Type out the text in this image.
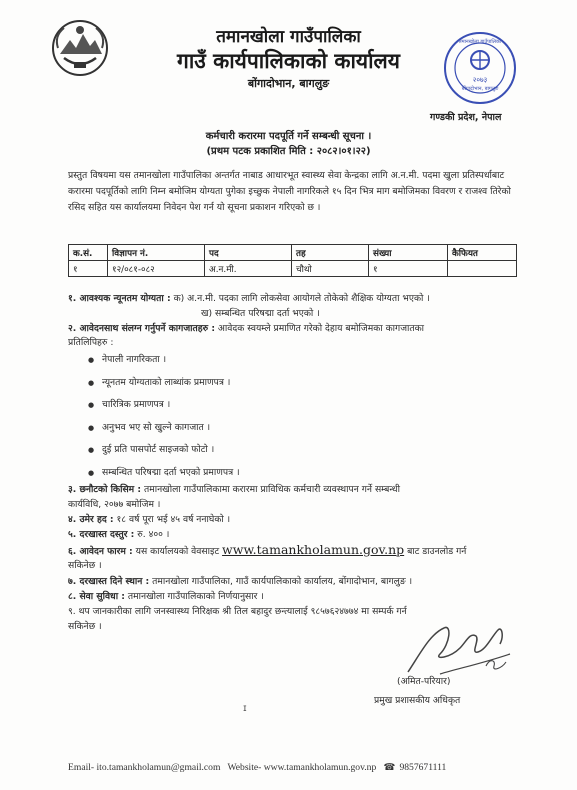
तमानखोला गाउँपालिका
गाउँ कार्यपालिकाको कार्यालय
बोंगादोभान, बागलुङ	२०७३
बोंगादोभान, बागलुङ
तमानखोला गाउँपालिका
गण्डकी प्रदेश, नेपाल
कर्मचारी करारमा पदपूर्ति गर्ने सम्बन्धी सूचना ।
(प्रथम पटक प्रकाशित मिति : २०८२।०१।२२)
प्रस्तुत विषयमा यस तमानखोला गाउँपालिका अन्तर्गत नाबाड आधारभूत स्वास्थ्य सेवा केन्द्रका लागि अ.न.मी. पदमा खुला प्रतिस्पर्धाबाट करारमा पदपूर्तिको लागि निम्न बमोजिम योग्यता पुगेका इच्छुक नेपाली नागरिकले १५ दिन भित्र माग बमोजिमका विवरण र राजश्व तिरेको रसिद सहित यस कार्यालयमा निवेदन पेश गर्न यो सूचना प्रकाशन गरिएको छ ।
क.सं.	विज्ञापन नं.	पद	तह	संख्या	कैफियत
१	१२/०८१-०८२	अ.न.मी.	चौथो	१	
१. आवश्यक न्यूनतम योग्यता : क) अ.न.मी. पदका लागि लोकसेवा आयोगले तोकेको शैक्षिक योग्यता भएको ।
ख) सम्बन्धित परिषद्मा दर्ता भएको ।
२. आवेदनसाथ संलग्न गर्नुपर्ने कागजातहरु : आवेदक स्वयम्ले प्रमाणित गरेको देहाय बमोजिमका कागजातका
प्रतिलिपिहरु :
● नेपाली नागरिकता ।
● न्यूनतम योग्यताको लाब्धांक प्रमाणपत्र ।
● चारित्रिक प्रमाणपत्र ।
● अनुभव भए सो खुल्ने कागजात ।
● दुई प्रति पासपोर्ट साइजको फोटो ।
● सम्बन्धित परिषद्मा दर्ता भएको प्रमाणपत्र ।
३. छनौटको किसिम : तमानखोला गाउँपालिकामा करारमा प्राविधिक कर्मचारी व्यवस्थापन गर्ने सम्बन्धी
कार्यविधि, २०७७ बमोजिम ।
४. उमेर हद : १८ वर्ष पूरा भई ४५ वर्ष ननाघेको ।
५. दरखास्त दस्तुर : रु. ४०० ।
६. आवेदन फारम : यस कार्यालयको वेवसाइट www.tamankholamun.gov.np बाट डाउनलोड गर्न
सकिनेछ ।
७. दरखास्त दिने स्थान : तमानखोला गाउँपालिका, गाउँ कार्यपालिकाको कार्यालय, बोंगादोभान, बागलुङ ।
८. सेवा सुविधा : तमानखोला गाउँपालिकाको निर्णयानुसार ।
९. थप जानकारीका लागि जनस्वास्थ्य निरिक्षक श्री तिल बहादुर छन्त्यालाई ९८५७६२४७७४ मा सम्पर्क गर्न
सकिनेछ ।
(अमित-परियार)
प्रमुख प्रशासकीय अधिकृत
ɪ
Email- ito.tamankholamun@gmail.com Website- www.tamankholamun.gov.np ☎ 9857671111
